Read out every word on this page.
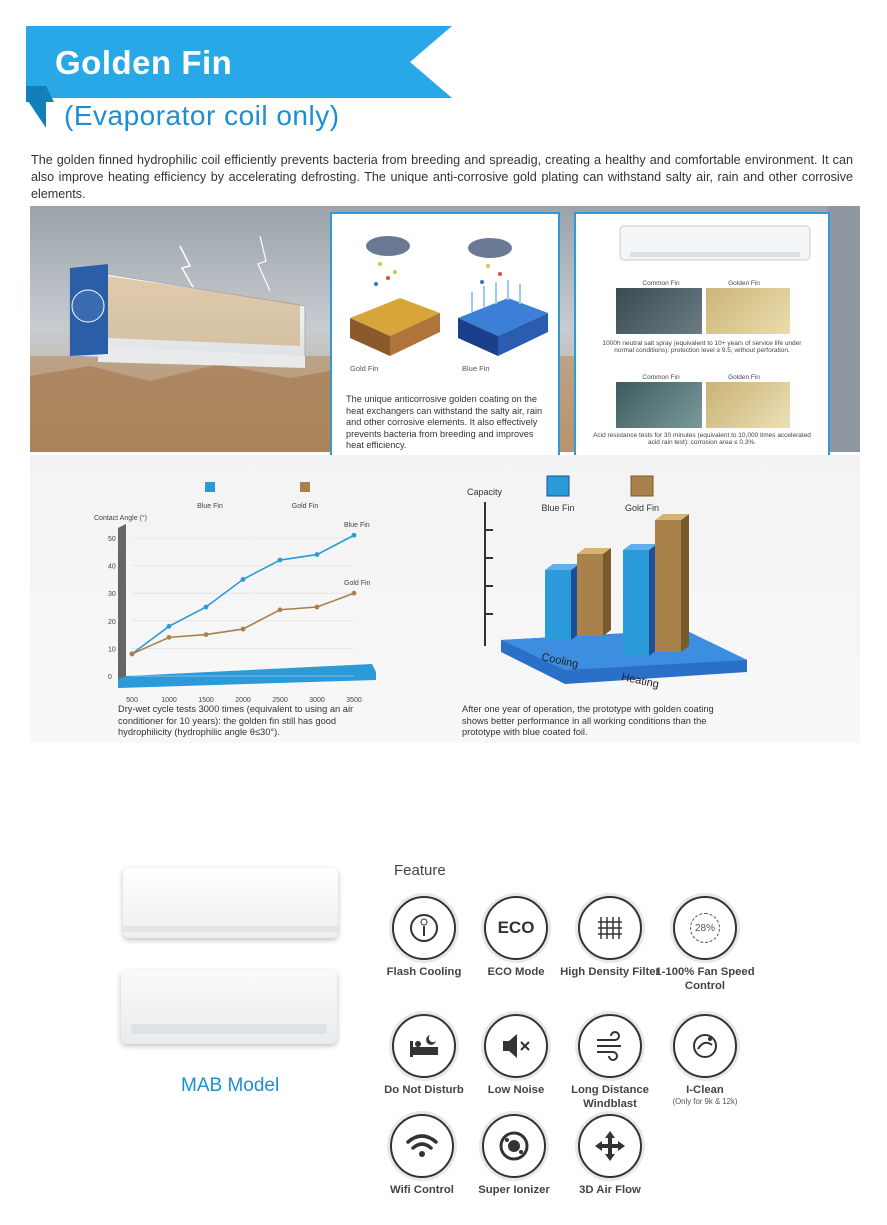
Golden Fin
(Evaporator coil only)
The golden finned hydrophilic coil efficiently prevents bacteria from breeding and spreadig, creating a healthy and comfortable environment. It can also improve heating efficiency by accelerating defrosting. The unique anti-corrosive gold plating can withstand salty air, rain and other corrosive elements.
Gold Fin	Blue Fin
The unique anticorrosive golden coating on the heat exchangers can withstand the salty air, rain and other corrosive elements. It also effectively prevents bacteria from breeding and improves heat efficiency.
Common Fin	Golden Fin
1000h neutral salt spray (equivalent to 10+ years of service life under normal conditions): protection level ≥ 9.5, without perforation.
Common Fin	Golden Fin
Acid resistance tests for 30 minutes (equivalent to 10,000 times accelerated acid rain test): corrosion area ≤ 0.3%.
Blue Fin	Gold Fin
Contact Angle (°)
0
10
20
30
40
50
500	1000	1500	2000	2500	3000	3500
Blue Fin
Gold Fin
Dry-wet cycle tests 3000 times (equivalent to using an air conditioner for 10 years): the golden fin still has good hydrophilicity (hydrophilic angle θ≤30°).
Capacity
Blue Fin	Gold Fin
Cooling
Heating
After one year of operation, the prototype with golden coating shows better performance in all working conditions than the prototype with blue coated foil.
MAB Model
Feature
Flash Cooling
ECO
ECO Mode	High Density Filter
28%
1-100% Fan Speed Control
Do Not Disturb	Low Noise	Long Distance Windblast
I-Clean
(Only for 9k & 12k)
Wifi Control	Super Ionizer	3D Air Flow
